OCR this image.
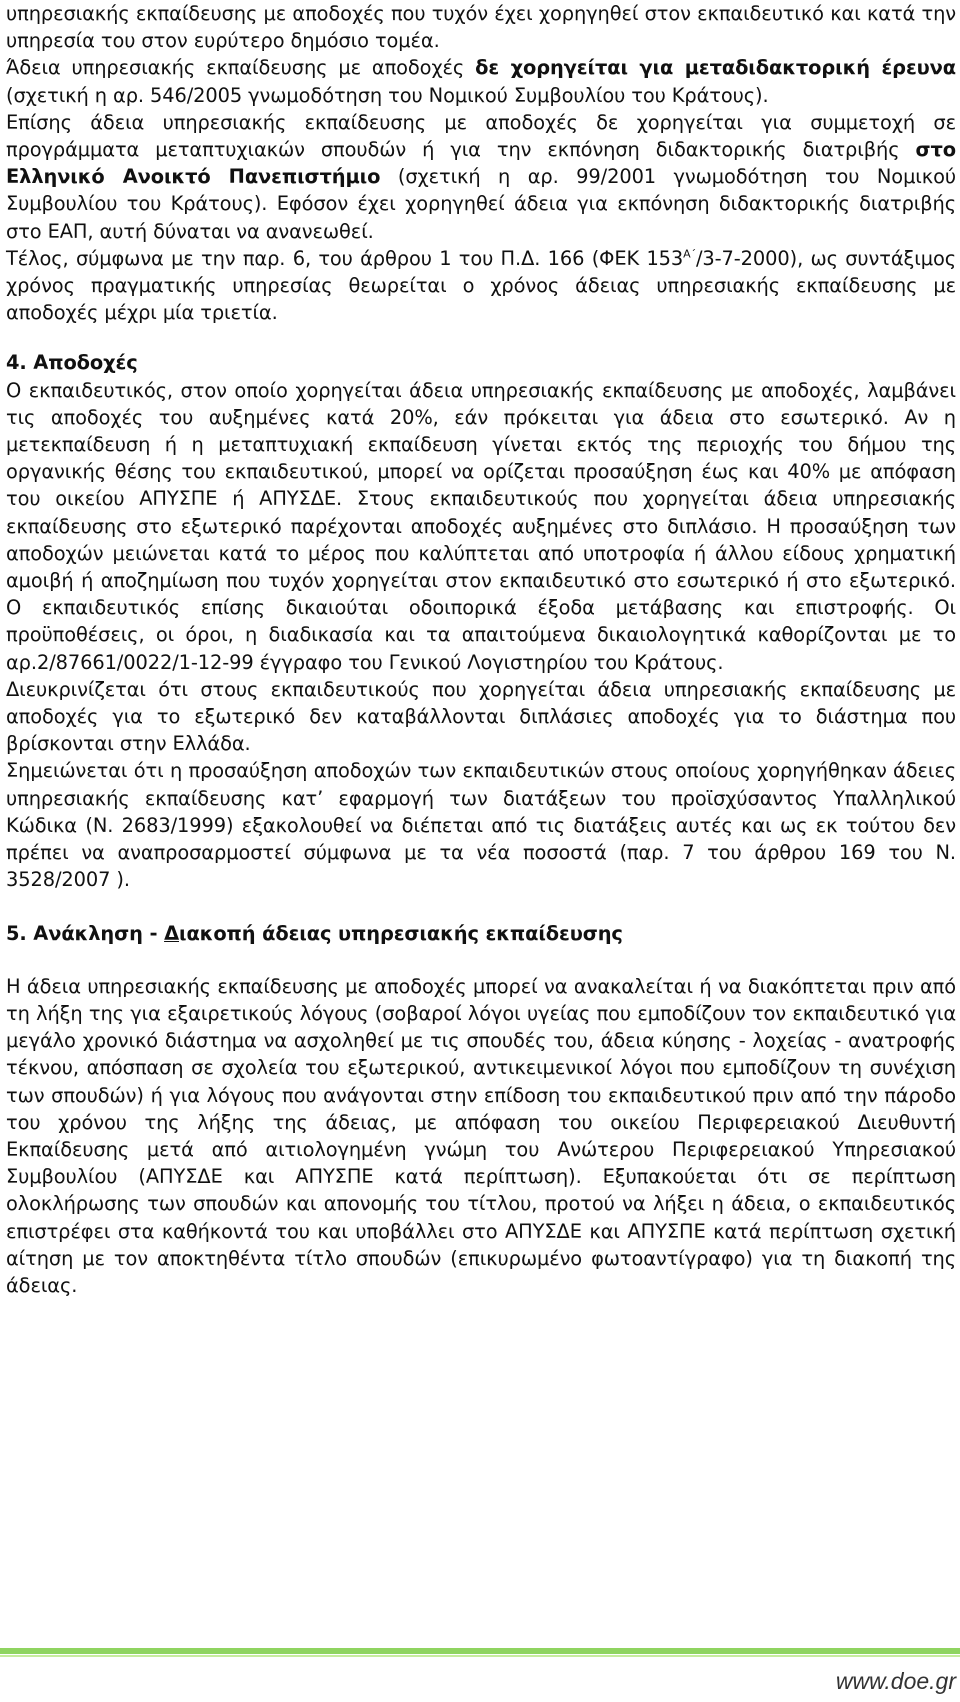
υπηρεσιακής εκπαίδευσης με αποδοχές που τυχόν έχει χορηγηθεί στον εκπαιδευτικό και κατά την υπηρεσία του στον ευρύτερο δημόσιο τομέα.

Άδεια υπηρεσιακής εκπαίδευσης με αποδοχές δε χορηγείται για μεταδιδακτορική έρευνα (σχετική η αρ. 546/2005 γνωμοδότηση του Νομικού Συμβουλίου του Κράτους).

Επίσης άδεια υπηρεσιακής εκπαίδευσης με αποδοχές δε χορηγείται για συμμετοχή σε προγράμματα μεταπτυχιακών σπουδών ή για την εκπόνηση διδακτορικής διατριβής στο Ελληνικό Ανοικτό Πανεπιστήμιο (σχετική η αρ. 99/2001 γνωμοδότηση του Νομικού Συμβουλίου του Κράτους). Εφόσον έχει χορηγηθεί άδεια για εκπόνηση διδακτορικής διατριβής στο ΕΑΠ, αυτή δύναται να ανανεωθεί.

Τέλος, σύμφωνα με την παρ. 6, του άρθρου 1 του Π.Δ. 166 (ΦΕΚ $153^{A΄}/3-7-2000$), ως συντάξιμος χρόνος πραγματικής υπηρεσίας θεωρείται ο χρόνος άδειας υπηρεσιακής εκπαίδευσης με αποδοχές μέχρι μία τριετία.

4. Αποδοχές

Ο εκπαιδευτικός, στον οποίο χορηγείται άδεια υπηρεσιακής εκπαίδευσης με αποδοχές, λαμβάνει τις αποδοχές του αυξημένες κατά 20%, εάν πρόκειται για άδεια στο εσωτερικό. Αν η μετεκπαίδευση ή η μεταπτυχιακή εκπαίδευση γίνεται εκτός της περιοχής του δήμου της οργανικής θέσης του εκπαιδευτικού, μπορεί να ορίζεται προσαύξηση έως και 40% με απόφαση του οικείου ΑΠΥΣΠΕ ή ΑΠΥΣΔΕ. Στους εκπαιδευτικούς που χορηγείται άδεια υπηρεσιακής εκπαίδευσης στο εξωτερικό παρέχονται αποδοχές αυξημένες στο διπλάσιο. Η προσαύξηση των αποδοχών μειώνεται κατά το μέρος που καλύπτεται από υποτροφία ή άλλου είδους χρηματική αμοιβή ή αποζημίωση που τυχόν χορηγείται στον εκπαιδευτικό στο εσωτερικό ή στο εξωτερικό. Ο εκπαιδευτικός επίσης δικαιούται οδοιπορικά έξοδα μετάβασης και επιστροφής. Οι προϋποθέσεις, οι όροι, η διαδικασία και τα απαιτούμενα δικαιολογητικά καθορίζονται με το αρ.2/87661/0022/1-12-99 έγγραφο του Γενικού Λογιστηρίου του Κράτους.

Διευκρινίζεται ότι στους εκπαιδευτικούς που χορηγείται άδεια υπηρεσιακής εκπαίδευσης με αποδοχές για το εξωτερικό δεν καταβάλλονται διπλάσιες αποδοχές για το διάστημα που βρίσκονται στην Ελλάδα.

Σημειώνεται ότι η προσαύξηση αποδοχών των εκπαιδευτικών στους οποίους χορηγήθηκαν άδειες υπηρεσιακής εκπαίδευσης κατ’ εφαρμογή των διατάξεων του προϊσχύσαντος Υπαλληλικού Κώδικα (Ν. 2683/1999) εξακολουθεί να διέπεται από τις διατάξεις αυτές και ως εκ τούτου δεν πρέπει να αναπροσαρμοστεί σύμφωνα με τα νέα ποσοστά (παρ. 7 του άρθρου 169 του Ν. 3528/2007 ).

5. Ανάκληση - Διακοπή άδειας υπηρεσιακής εκπαίδευσης

Η άδεια υπηρεσιακής εκπαίδευσης με αποδοχές μπορεί να ανακαλείται ή να διακόπτεται πριν από τη λήξη της για εξαιρετικούς λόγους (σοβαροί λόγοι υγείας που εμποδίζουν τον εκπαιδευτικό για μεγάλο χρονικό διάστημα να ασχοληθεί με τις σπουδές του, άδεια κύησης - λοχείας - ανατροφής τέκνου, απόσπαση σε σχολεία του εξωτερικού, αντικειμενικοί λόγοι που εμποδίζουν τη συνέχιση των σπουδών) ή για λόγους που ανάγονται στην επίδοση του εκπαιδευτικού πριν από την πάροδο του χρόνου της λήξης της άδειας, με απόφαση του οικείου Περιφερειακού Διευθυντή Εκπαίδευσης μετά από αιτιολογημένη γνώμη του Ανώτερου Περιφερειακού Υπηρεσιακού Συμβουλίου (ΑΠΥΣΔΕ και ΑΠΥΣΠΕ κατά περίπτωση). Εξυπακούεται ότι σε περίπτωση ολοκλήρωσης των σπουδών και απονομής του τίτλου, προτού να λήξει η άδεια, ο εκπαιδευτικός επιστρέφει στα καθήκοντά του και υποβάλλει στο ΑΠΥΣΔΕ και ΑΠΥΣΠΕ κατά περίπτωση σχετική αίτηση με τον αποκτηθέντα τίτλο σπουδών (επικυρωμένο φωτοαντίγραφο) για τη διακοπή της άδειας.

www.doe.gr
